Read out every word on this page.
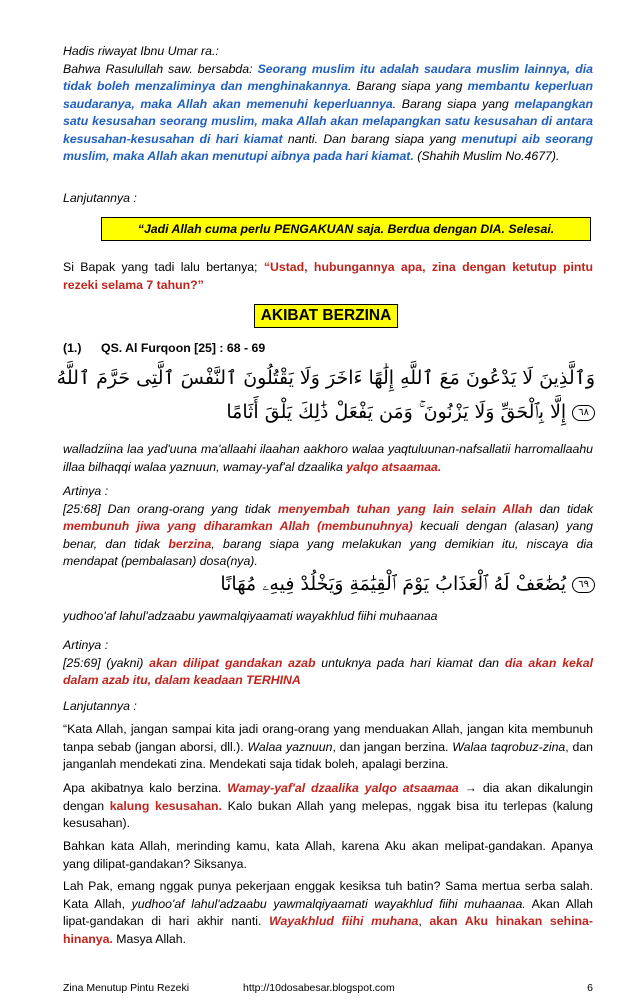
Hadis riwayat Ibnu Umar ra.:
Bahwa Rasulullah saw. bersabda: Seorang muslim itu adalah saudara muslim lainnya, dia tidak boleh menzaliminya dan menghinakannya. Barang siapa yang membantu keperluan saudaranya, maka Allah akan memenuhi keperluannya. Barang siapa yang melapangkan satu kesusahan seorang muslim, maka Allah akan melapangkan satu kesusahan di antara kesusahan-kesusahan di hari kiamat nanti. Dan barang siapa yang menutupi aib seorang muslim, maka Allah akan menutupi aibnya pada hari kiamat. (Shahih Muslim No.4677).

Lanjutannya :

“Jadi Allah cuma perlu PENGAKUAN saja. Berdua dengan DIA. Selesai.

Si Bapak yang tadi lalu bertanya; “Ustad, hubungannya apa, zina dengan ketutup pintu rezeki selama 7 tahun?”

AKIBAT BERZINA
(1.) QS. Al Furqoon [25] : 68 - 69
وَٱلَّذِينَ لَا يَدْعُونَ مَعَ ٱللَّهِ إِلَٰهًا ءَاخَرَ وَلَا يَقْتُلُونَ ٱلنَّفْسَ ٱلَّتِى حَرَّمَ ٱللَّهُ
٦٨ إِلَّا بِٱلْحَقِّ وَلَا يَزْنُونَ ۚ وَمَن يَفْعَلْ ذَٰلِكَ يَلْقَ أَثَامًا

walladziina laa yad'uuna ma'allaahi ilaahan aakhoro walaa yaqtuluunan-nafsallatii harromallaahu illaa bilhaqqi walaa yaznuun, wamay-yaf'al dzaalika yalqo atsaamaa.

Artinya :
[25:68] Dan orang-orang yang tidak menyembah tuhan yang lain selain Allah dan tidak membunuh jiwa yang diharamkan Allah (membunuhnya) kecuali dengan (alasan) yang benar, dan tidak berzina, barang siapa yang melakukan yang demikian itu, niscaya dia mendapat (pembalasan) dosa(nya).

٦٩ يُضَٰعَفْ لَهُ ٱلْعَذَابُ يَوْمَ ٱلْقِيَٰمَةِ وَيَخْلُدْ فِيهِۦ مُهَانًا

yudhoo'af lahul'adzaabu yawmalqiyaamati wayakhlud fiihi muhaanaa

Artinya :
[25:69] (yakni) akan dilipat gandakan azab untuknya pada hari kiamat dan dia akan kekal dalam azab itu, dalam keadaan TERHINA

Lanjutannya :

“Kata Allah, jangan sampai kita jadi orang-orang yang menduakan Allah, jangan kita membunuh tanpa sebab (jangan aborsi, dll.). Walaa yaznuun, dan jangan berzina. Walaa taqrobuz-zina, dan janganlah mendekati zina. Mendekati saja tidak boleh, apalagi berzina.

Apa akibatnya kalo berzina. Wamay-yaf'al dzaalika yalqo atsaamaa → dia akan dikalungin dengan kalung kesusahan. Kalo bukan Allah yang melepas, nggak bisa itu terlepas (kalung kesusahan).

Bahkan kata Allah, merinding kamu, kata Allah, karena Aku akan melipat-gandakan. Apanya yang dilipat-gandakan? Siksanya.

Lah Pak, emang nggak punya pekerjaan enggak kesiksa tuh batin? Sama mertua serba salah. Kata Allah, yudhoo'af lahul'adzaabu yawmalqiyaamati wayakhlud fiihi muhaanaa. Akan Allah lipat-gandakan di hari akhir nanti. Wayakhlud fiihi muhana, akan Aku hinakan sehina-hinanya. Masya Allah.

Zina Menutup Pintu Rezeki	http://10dosabesar.blogspot.com	6
